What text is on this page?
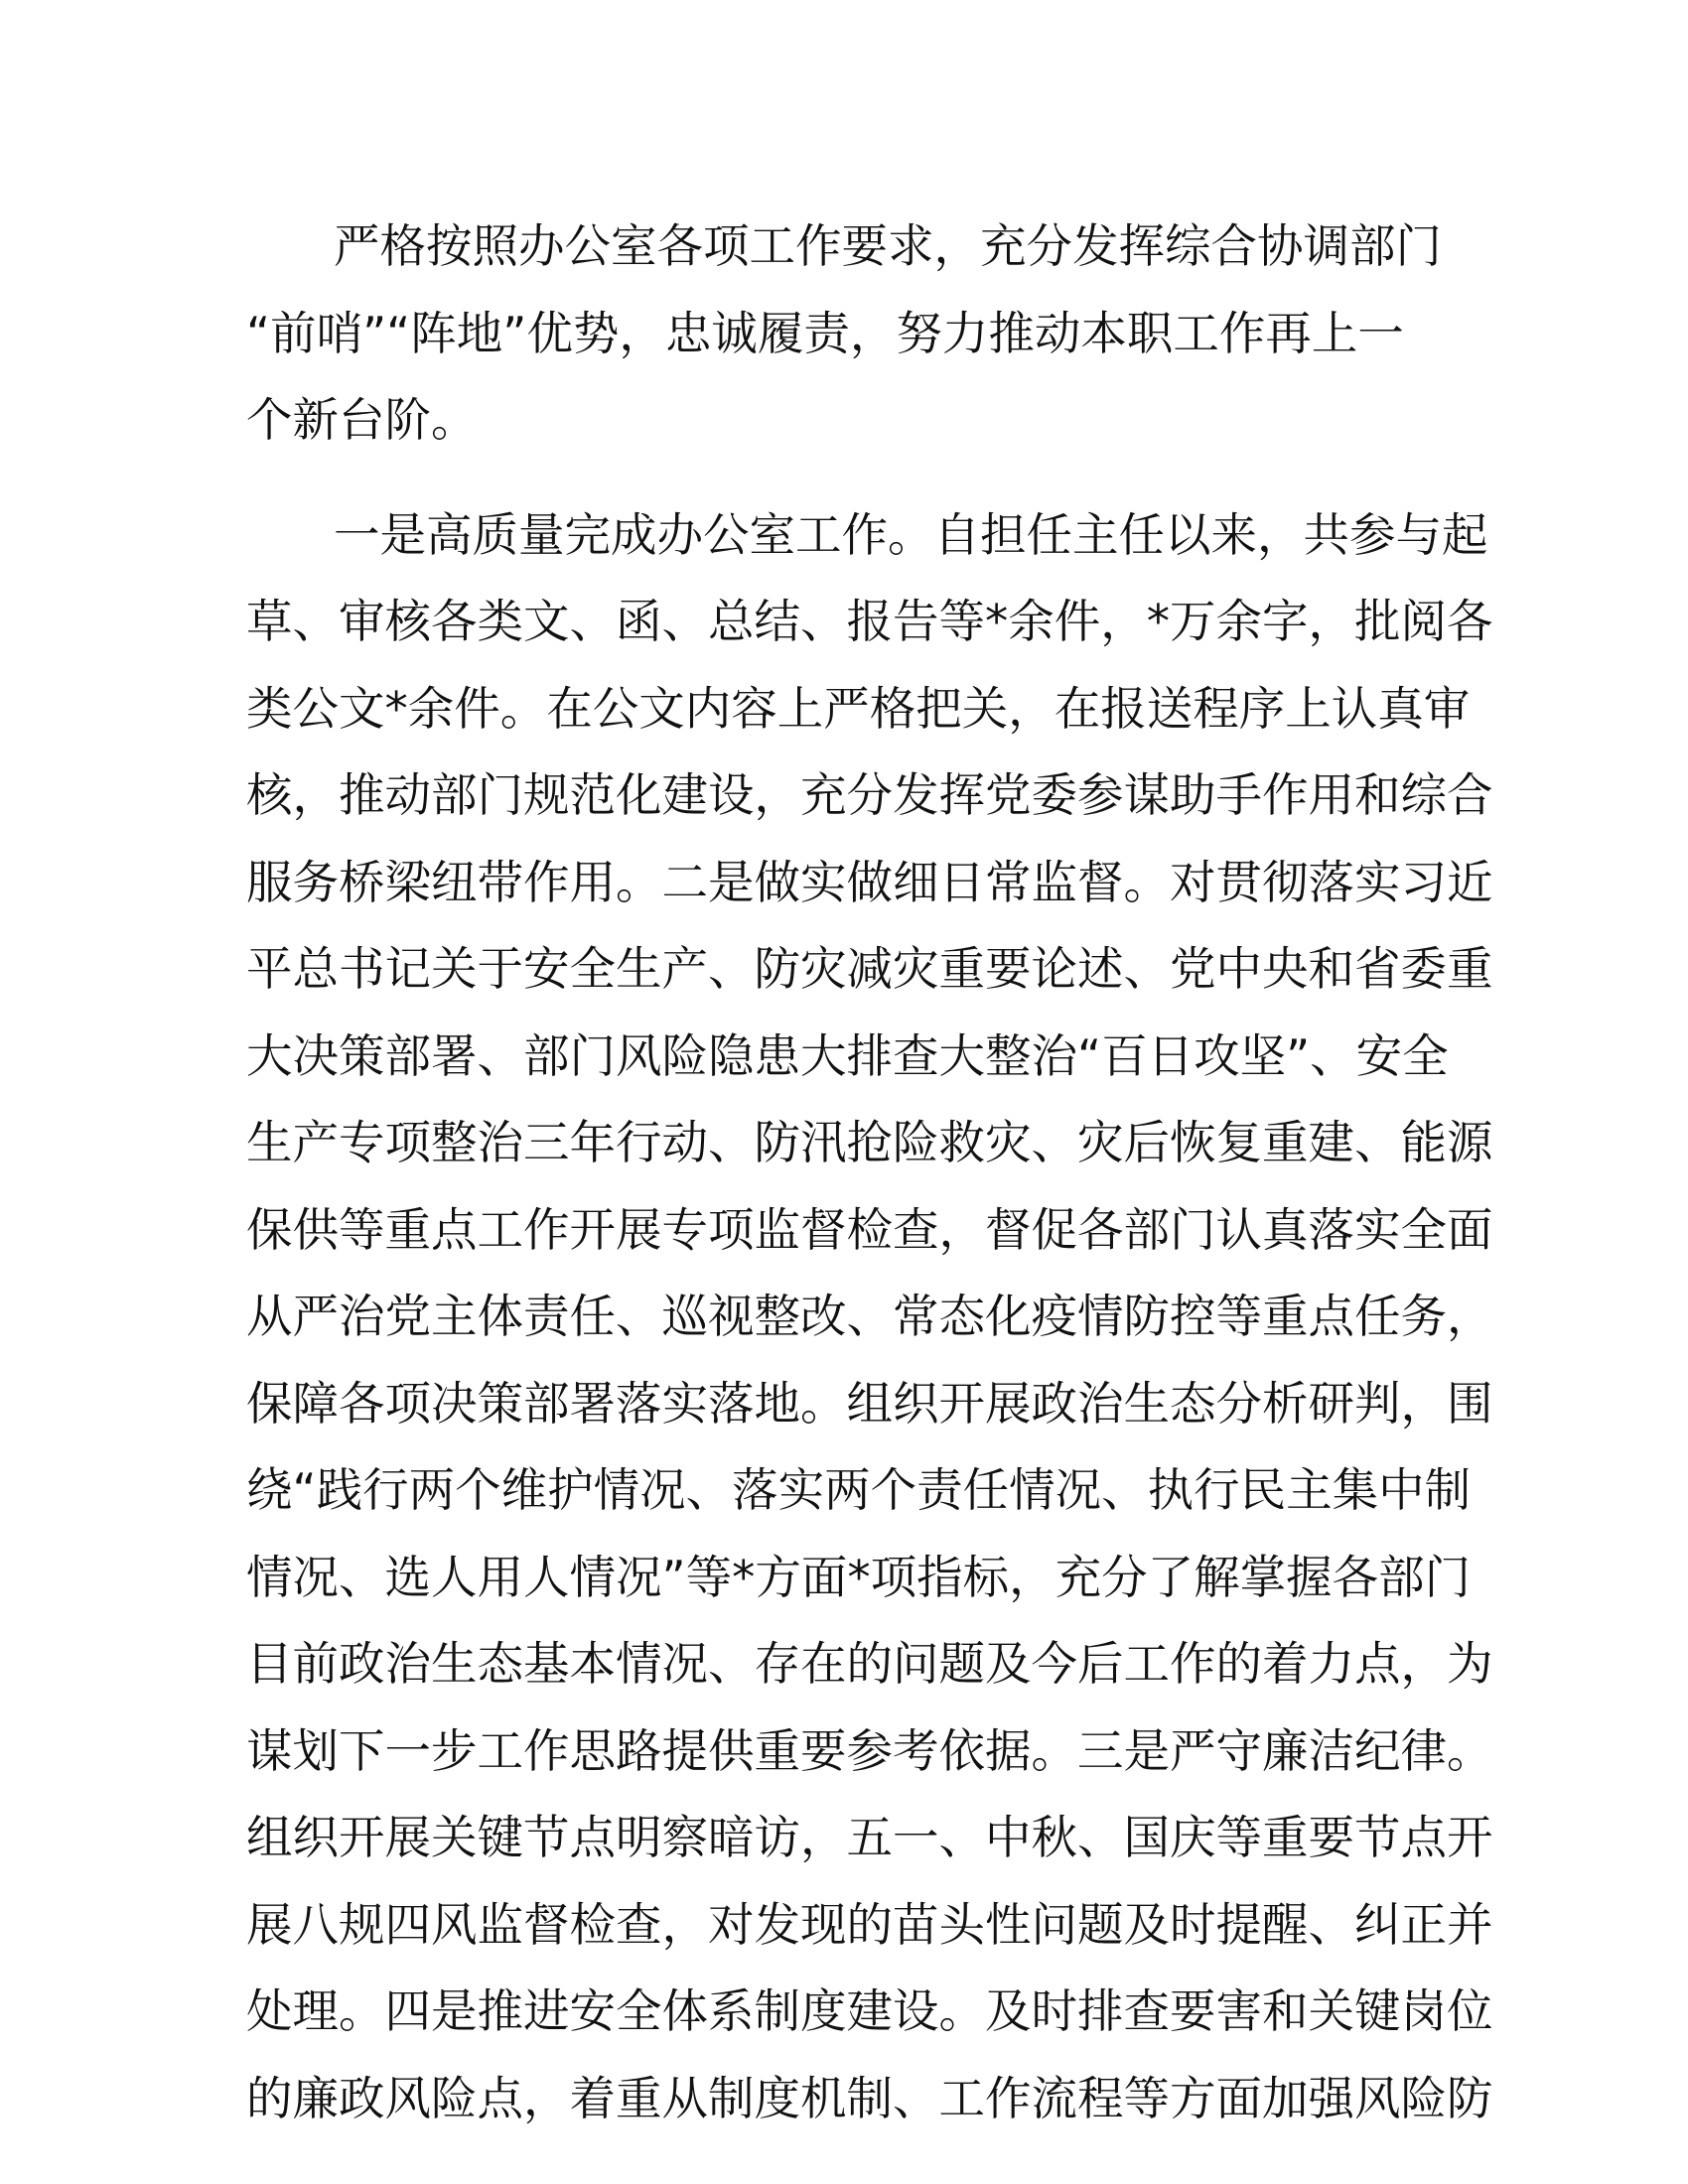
严格按照办公室各项工作要求，充分发挥综合协调部门
“前哨”“阵地”优势，忠诚履责，努力推动本职工作再上一
个新台阶。
一是高质量完成办公室工作。自担任主任以来，共参与起
草、审核各类文、函、总结、报告等*余件，*万余字，批阅各
类公文*余件。在公文内容上严格把关，在报送程序上认真审
核，推动部门规范化建设，充分发挥党委参谋助手作用和综合
服务桥梁纽带作用。二是做实做细日常监督。对贯彻落实习近
平总书记关于安全生产、防灾减灾重要论述、党中央和省委重
大决策部署、部门风险隐患大排查大整治“百日攻坚”、安全
生产专项整治三年行动、防汛抢险救灾、灾后恢复重建、能源
保供等重点工作开展专项监督检查，督促各部门认真落实全面
从严治党主体责任、巡视整改、常态化疫情防控等重点任务，
保障各项决策部署落实落地。组织开展政治生态分析研判，围
绕“践行两个维护情况、落实两个责任情况、执行民主集中制
情况、选人用人情况”等*方面*项指标，充分了解掌握各部门
目前政治生态基本情况、存在的问题及今后工作的着力点，为
谋划下一步工作思路提供重要参考依据。三是严守廉洁纪律。
组织开展关键节点明察暗访，五一、中秋、国庆等重要节点开
展八规四风监督检查，对发现的苗头性问题及时提醒、纠正并
处理。四是推进安全体系制度建设。及时排查要害和关键岗位
的廉政风险点，着重从制度机制、工作流程等方面加强风险防
